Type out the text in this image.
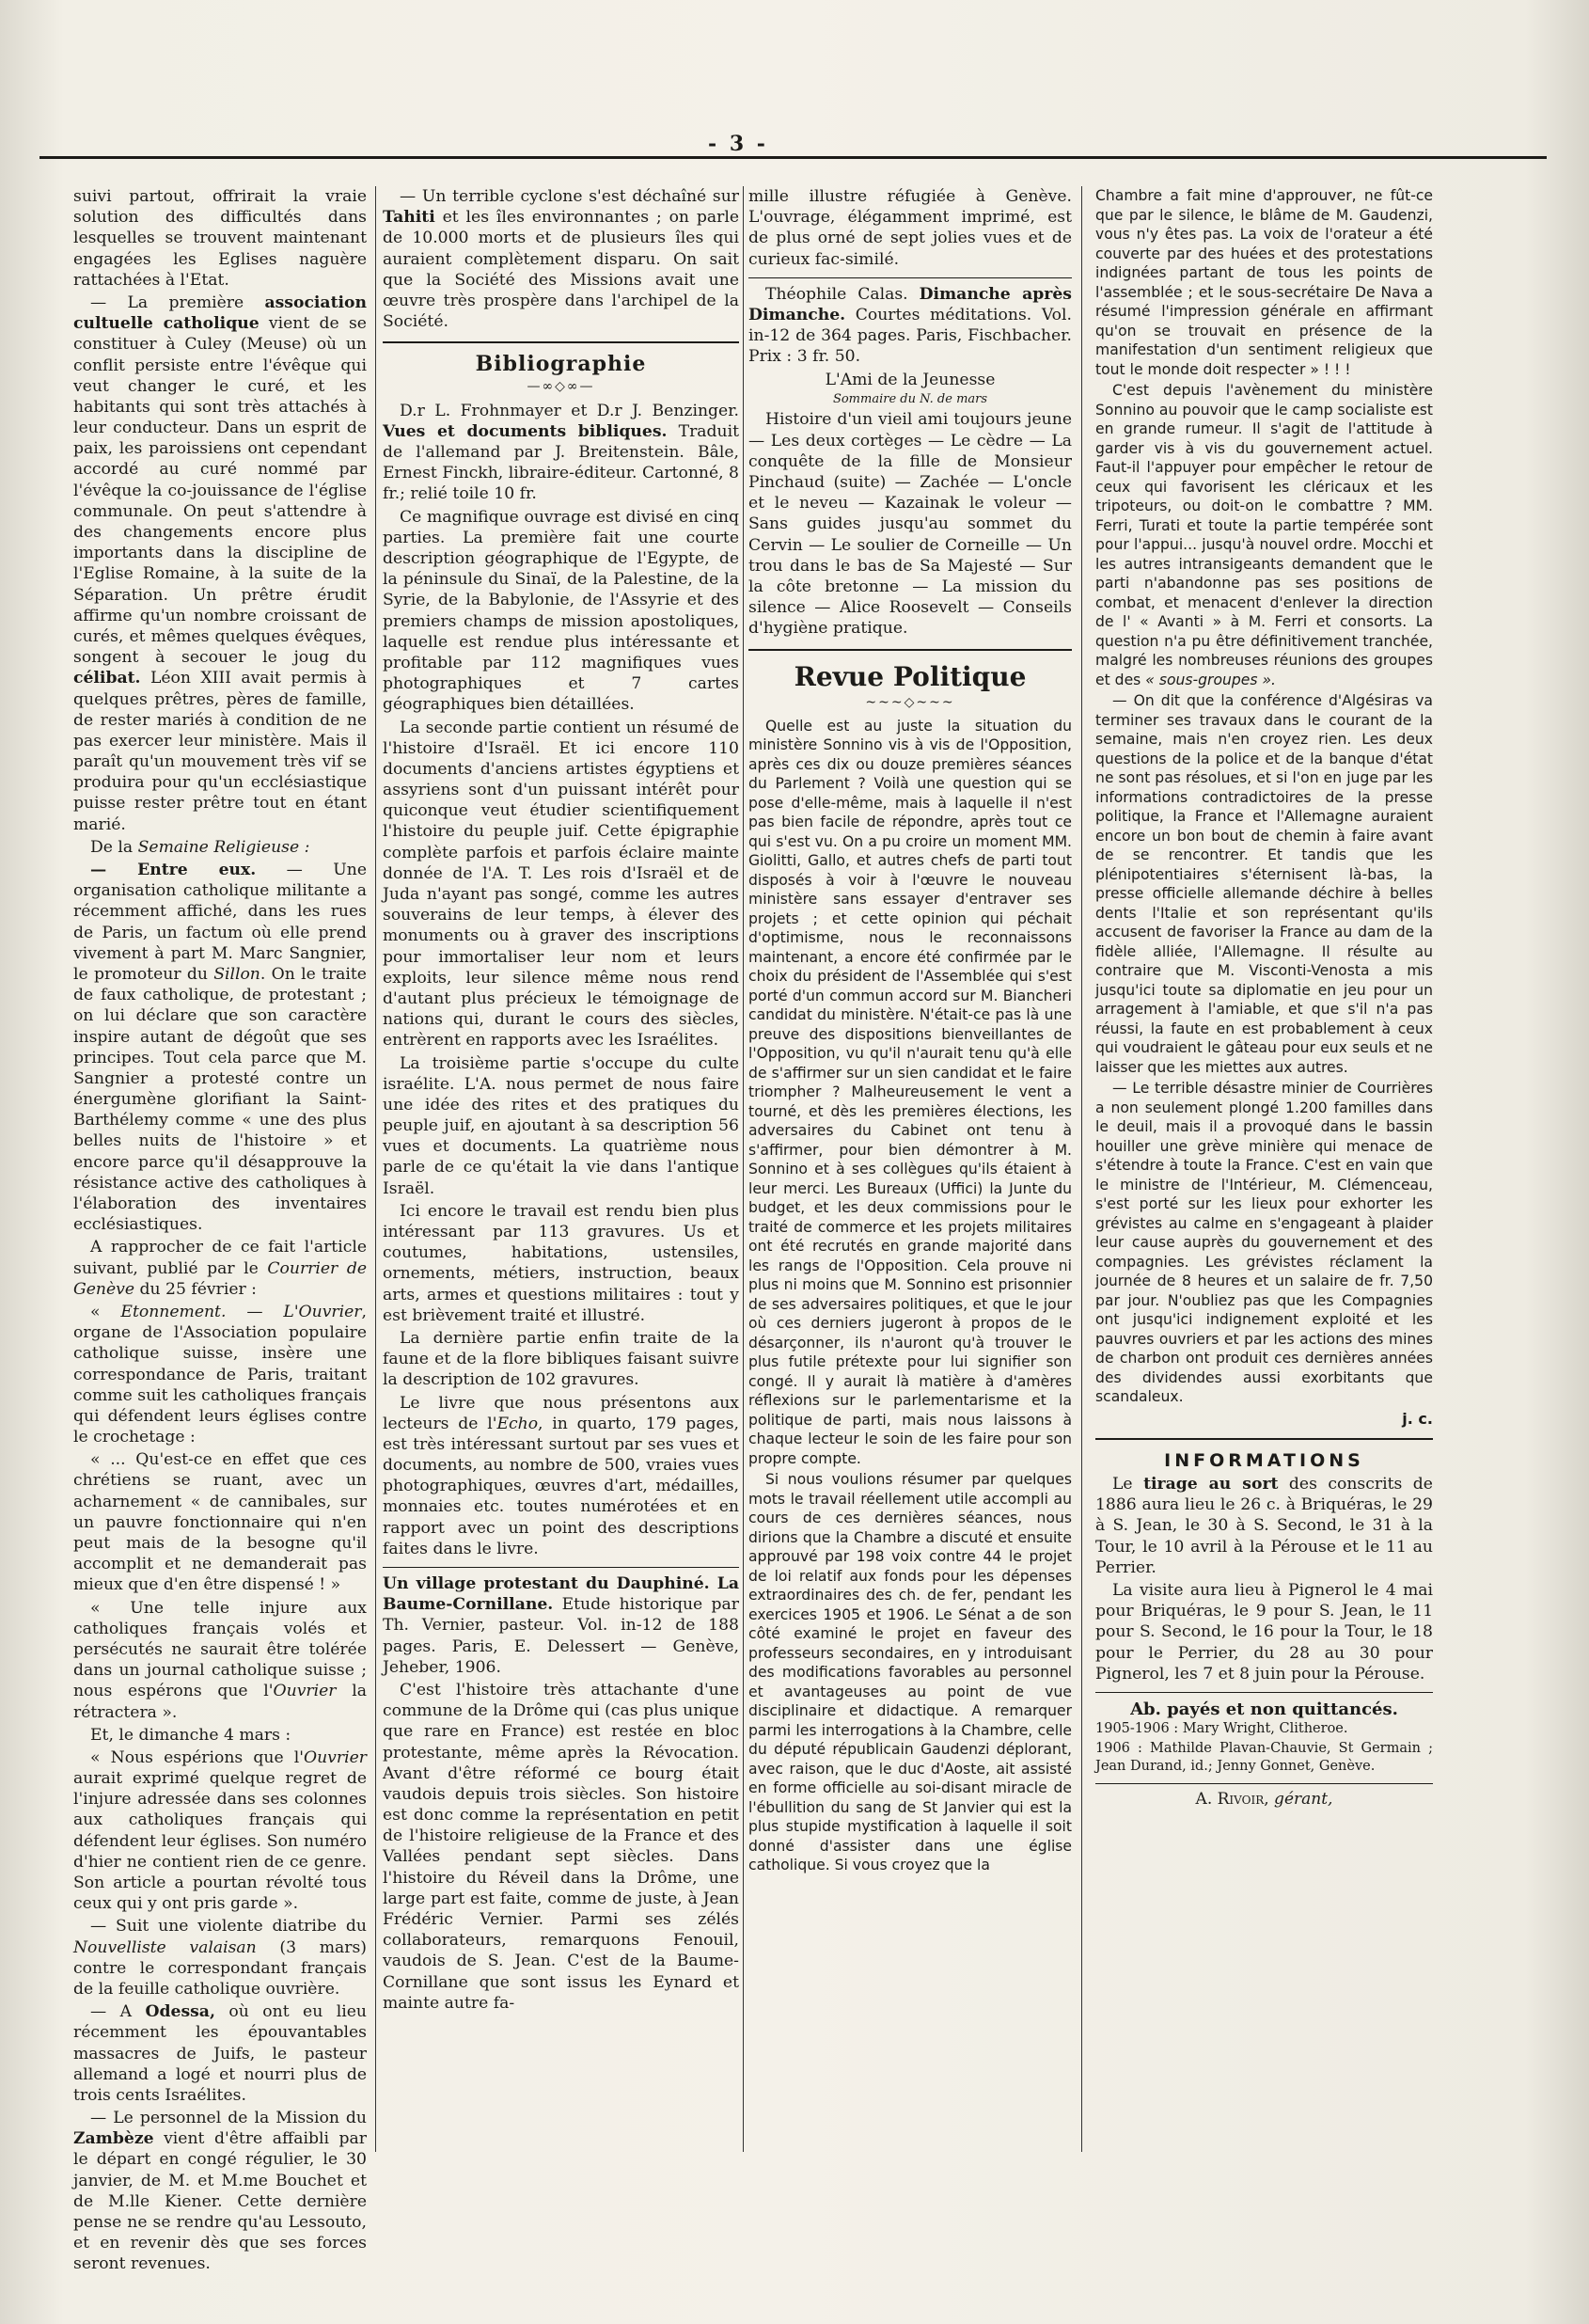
- 3 -

suivi partout, offrirait la vraie solution des difficultés dans lesquelles se trouvent maintenant engagées les Eglises naguère rattachées à l'Etat.

— La première association cultuelle catholique vient de se constituer à Culey (Meuse) où un conflit persiste entre l'évêque qui veut changer le curé, et les habitants qui sont très attachés à leur conducteur. Dans un esprit de paix, les paroissiens ont cependant accordé au curé nommé par l'évêque la co-jouissance de l'église communale. On peut s'attendre à des changements encore plus importants dans la discipline de l'Eglise Romaine, à la suite de la Séparation. Un prêtre érudit affirme qu'un nombre croissant de curés, et mêmes quelques évêques, songent à secouer le joug du célibat. Léon XIII avait permis à quelques prêtres, pères de famille, de rester mariés à condition de ne pas exercer leur ministère. Mais il paraît qu'un mouvement très vif se produira pour qu'un ecclésiastique puisse rester prêtre tout en étant marié.

De la Semaine Religieuse :

— Entre eux. — Une organisation catholique militante a récemment affiché, dans les rues de Paris, un factum où elle prend vivement à part M. Marc Sangnier, le promoteur du Sillon. On le traite de faux catholique, de protestant ; on lui déclare que son caractère inspire autant de dégoût que ses principes. Tout cela parce que M. Sangnier a protesté contre un énergumène glorifiant la Saint-Barthélemy comme « une des plus belles nuits de l'histoire » et encore parce qu'il désapprouve la résistance active des catholiques à l'élaboration des inventaires ecclésiastiques.

A rapprocher de ce fait l'article suivant, publié par le Courrier de Genève du 25 février :

« Etonnement. — L'Ouvrier, organe de l'Association populaire catholique suisse, insère une correspondance de Paris, traitant comme suit les catholiques français qui défendent leurs églises contre le crochetage :

« ... Qu'est-ce en effet que ces chrétiens se ruant, avec un acharnement « de cannibales, sur un pauvre fonctionnaire qui n'en peut mais de la besogne qu'il accomplit et ne demanderait pas mieux que d'en être dispensé ! »

« Une telle injure aux catholiques français volés et persécutés ne saurait être tolérée dans un journal catholique suisse ; nous espérons que l'Ouvrier la rétractera ».

Et, le dimanche 4 mars :

« Nous espérions que l'Ouvrier aurait exprimé quelque regret de l'injure adressée dans ses colonnes aux catholiques français qui défendent leur églises. Son numéro d'hier ne contient rien de ce genre. Son article a pourtan révolté tous ceux qui y ont pris garde ».

— Suit une violente diatribe du Nouvelliste valaisan (3 mars) contre le correspondant français de la feuille catholique ouvrière.

— A Odessa, où ont eu lieu récemment les épouvantables massacres de Juifs, le pasteur allemand a logé et nourri plus de trois cents Israélites.

— Le personnel de la Mission du Zambèze vient d'être affaibli par le départ en congé régulier, le 30 janvier, de M. et M.me Bouchet et de M.lle Kiener. Cette dernière pense ne se rendre qu'au Lessouto, et en revenir dès que ses forces seront revenues.

— Un terrible cyclone s'est déchaîné sur Tahiti et les îles environnantes ; on parle de 10.000 morts et de plusieurs îles qui auraient complètement disparu. On sait que la Société des Missions avait une œuvre très prospère dans l'archipel de la Société.

Bibliographie
—∞◇∞—

D.r L. Frohnmayer et D.r J. Benzinger. Vues et documents bibliques. Traduit de l'allemand par J. Breitenstein. Bâle, Ernest Finckh, libraire-éditeur. Cartonné, 8 fr.; relié toile 10 fr.

Ce magnifique ouvrage est divisé en cinq parties. La première fait une courte description géographique de l'Egypte, de la péninsule du Sinaï, de la Palestine, de la Syrie, de la Babylonie, de l'Assyrie et des premiers champs de mission apostoliques, laquelle est rendue plus intéressante et profitable par 112 magnifiques vues photographiques et 7 cartes géographiques bien détaillées.

La seconde partie contient un résumé de l'histoire d'Israël. Et ici encore 110 documents d'anciens artistes égyptiens et assyriens sont d'un puissant intérêt pour quiconque veut étudier scientifiquement l'histoire du peuple juif. Cette épigraphie complète parfois et parfois éclaire mainte donnée de l'A. T. Les rois d'Israël et de Juda n'ayant pas songé, comme les autres souverains de leur temps, à élever des monuments ou à graver des inscriptions pour immortaliser leur nom et leurs exploits, leur silence même nous rend d'autant plus précieux le témoignage de nations qui, durant le cours des siècles, entrèrent en rapports avec les Israélites.

La troisième partie s'occupe du culte israélite. L'A. nous permet de nous faire une idée des rites et des pratiques du peuple juif, en ajoutant à sa description 56 vues et documents. La quatrième nous parle de ce qu'était la vie dans l'antique Israël.

Ici encore le travail est rendu bien plus intéressant par 113 gravures. Us et coutumes, habitations, ustensiles, ornements, métiers, instruction, beaux arts, armes et questions militaires : tout y est brièvement traité et illustré.

La dernière partie enfin traite de la faune et de la flore bibliques faisant suivre la description de 102 gravures.

Le livre que nous présentons aux lecteurs de l'Echo, in quarto, 179 pages, est très intéressant surtout par ses vues et documents, au nombre de 500, vraies vues photographiques, œuvres d'art, médailles, monnaies etc. toutes numérotées et en rapport avec un point des descriptions faites dans le livre.

Un village protestant du Dauphiné. La Baume-Cornillane. Etude historique par Th. Vernier, pasteur. Vol. in-12 de 188 pages. Paris, E. Delessert — Genève, Jeheber, 1906.

C'est l'histoire très attachante d'une commune de la Drôme qui (cas plus unique que rare en France) est restée en bloc protestante, même après la Révocation. Avant d'être réformé ce bourg était vaudois depuis trois siècles. Son histoire est donc comme la représentation en petit de l'histoire religieuse de la France et des Vallées pendant sept siècles. Dans l'histoire du Réveil dans la Drôme, une large part est faite, comme de juste, à Jean Frédéric Vernier. Parmi ses zélés collaborateurs, remarquons Fenouil, vaudois de S. Jean. C'est de la Baume-Cornillane que sont issus les Eynard et mainte autre fa-

mille illustre réfugiée à Genève. L'ouvrage, élégamment imprimé, est de plus orné de sept jolies vues et de curieux fac-similé.

Théophile Calas. Dimanche après Dimanche. Courtes méditations. Vol. in-12 de 364 pages. Paris, Fischbacher. Prix : 3 fr. 50.

L'Ami de la Jeunesse

Sommaire du N. de mars

Histoire d'un vieil ami toujours jeune — Les deux cortèges — Le cèdre — La conquête de la fille de Monsieur Pinchaud (suite) — Zachée — L'oncle et le neveu — Kazainak le voleur — Sans guides jusqu'au sommet du Cervin — Le soulier de Corneille — Un trou dans le bas de Sa Majesté — Sur la côte bretonne — La mission du silence — Alice Roosevelt — Conseils d'hygiène pratique.

Revue Politique
~~~◇~~~

Quelle est au juste la situation du ministère Sonnino vis à vis de l'Opposition, après ces dix ou douze premières séances du Parlement ? Voilà une question qui se pose d'elle-même, mais à laquelle il n'est pas bien facile de répondre, après tout ce qui s'est vu. On a pu croire un moment MM. Giolitti, Gallo, et autres chefs de parti tout disposés à voir à l'œuvre le nouveau ministère sans essayer d'entraver ses projets ; et cette opinion qui péchait d'optimisme, nous le reconnaissons maintenant, a encore été confirmée par le choix du président de l'Assemblée qui s'est porté d'un commun accord sur M. Biancheri candidat du ministère. N'était-ce pas là une preuve des dispositions bienveillantes de l'Opposition, vu qu'il n'aurait tenu qu'à elle de s'affirmer sur un sien candidat et le faire triompher ? Malheureusement le vent a tourné, et dès les premières élections, les adversaires du Cabinet ont tenu à s'affirmer, pour bien démontrer à M. Sonnino et à ses collègues qu'ils étaient à leur merci. Les Bureaux (Uffici) la Junte du budget, et les deux commissions pour le traité de commerce et les projets militaires ont été recrutés en grande majorité dans les rangs de l'Opposition. Cela prouve ni plus ni moins que M. Sonnino est prisonnier de ses adversaires politiques, et que le jour où ces derniers jugeront à propos de le désarçonner, ils n'auront qu'à trouver le plus futile prétexte pour lui signifier son congé. Il y aurait là matière à d'amères réflexions sur le parlementarisme et la politique de parti, mais nous laissons à chaque lecteur le soin de les faire pour son propre compte.

Si nous voulions résumer par quelques mots le travail réellement utile accompli au cours de ces dernières séances, nous dirions que la Chambre a discuté et ensuite approuvé par 198 voix contre 44 le projet de loi relatif aux fonds pour les dépenses extraordinaires des ch. de fer, pendant les exercices 1905 et 1906. Le Sénat a de son côté examiné le projet en faveur des professeurs secondaires, en y introduisant des modifications favorables au personnel et avantageuses au point de vue disciplinaire et didactique. A remarquer parmi les interrogations à la Chambre, celle du député républicain Gaudenzi déplorant, avec raison, que le duc d'Aoste, ait assisté en forme officielle au soi-disant miracle de l'ébullition du sang de St Janvier qui est la plus stupide mystification à laquelle il soit donné d'assister dans une église catholique. Si vous croyez que la

Chambre a fait mine d'approuver, ne fût-ce que par le silence, le blâme de M. Gaudenzi, vous n'y êtes pas. La voix de l'orateur a été couverte par des huées et des protestations indignées partant de tous les points de l'assemblée ; et le sous-secrétaire De Nava a résumé l'impression générale en affirmant qu'on se trouvait en présence de la manifestation d'un sentiment religieux que tout le monde doit respecter » ! ! !

C'est depuis l'avènement du ministère Sonnino au pouvoir que le camp socialiste est en grande rumeur. Il s'agit de l'attitude à garder vis à vis du gouvernement actuel. Faut-il l'appuyer pour empêcher le retour de ceux qui favorisent les cléricaux et les tripoteurs, ou doit-on le combattre ? MM. Ferri, Turati et toute la partie tempérée sont pour l'appui... jusqu'à nouvel ordre. Mocchi et les autres intransigeants demandent que le parti n'abandonne pas ses positions de combat, et menacent d'enlever la direction de l' « Avanti » à M. Ferri et consorts. La question n'a pu être définitivement tranchée, malgré les nombreuses réunions des groupes et des « sous-groupes ».

— On dit que la conférence d'Algésiras va terminer ses travaux dans le courant de la semaine, mais n'en croyez rien. Les deux questions de la police et de la banque d'état ne sont pas résolues, et si l'on en juge par les informations contradictoires de la presse politique, la France et l'Allemagne auraient encore un bon bout de chemin à faire avant de se rencontrer. Et tandis que les plénipotentiaires s'éternisent là-bas, la presse officielle allemande déchire à belles dents l'Italie et son représentant qu'ils accusent de favoriser la France au dam de la fidèle alliée, l'Allemagne. Il résulte au contraire que M. Visconti-Venosta a mis jusqu'ici toute sa diplomatie en jeu pour un arragement à l'amiable, et que s'il n'a pas réussi, la faute en est probablement à ceux qui voudraient le gâteau pour eux seuls et ne laisser que les miettes aux autres.

— Le terrible désastre minier de Courrières a non seulement plongé 1.200 familles dans le deuil, mais il a provoqué dans le bassin houiller une grève minière qui menace de s'étendre à toute la France. C'est en vain que le ministre de l'Intérieur, M. Clémenceau, s'est porté sur les lieux pour exhorter les grévistes au calme en s'engageant à plaider leur cause auprès du gouvernement et des compagnies. Les grévistes réclament la journée de 8 heures et un salaire de fr. 7,50 par jour. N'oubliez pas que les Compagnies ont jusqu'ici indignement exploité et les pauvres ouvriers et par les actions des mines de charbon ont produit ces dernières années des dividendes aussi exorbitants que scandaleux.

j. c.
INFORMATIONS

Le tirage au sort des conscrits de 1886 aura lieu le 26 c. à Briquéras, le 29 à S. Jean, le 30 à S. Second, le 31 à la Tour, le 10 avril à la Pérouse et le 11 au Perrier.

La visite aura lieu à Pignerol le 4 mai pour Briquéras, le 9 pour S. Jean, le 11 pour S. Second, le 16 pour la Tour, le 18 pour le Perrier, du 28 au 30 pour Pignerol, les 7 et 8 juin pour la Pérouse.

Ab. payés et non quittancés.

1905-1906 : Mary Wright, Clitheroe.

1906 : Mathilde Plavan-Chauvie, St Germain ; Jean Durand, id.; Jenny Gonnet, Genève.

A. Rivoir, gérant,
